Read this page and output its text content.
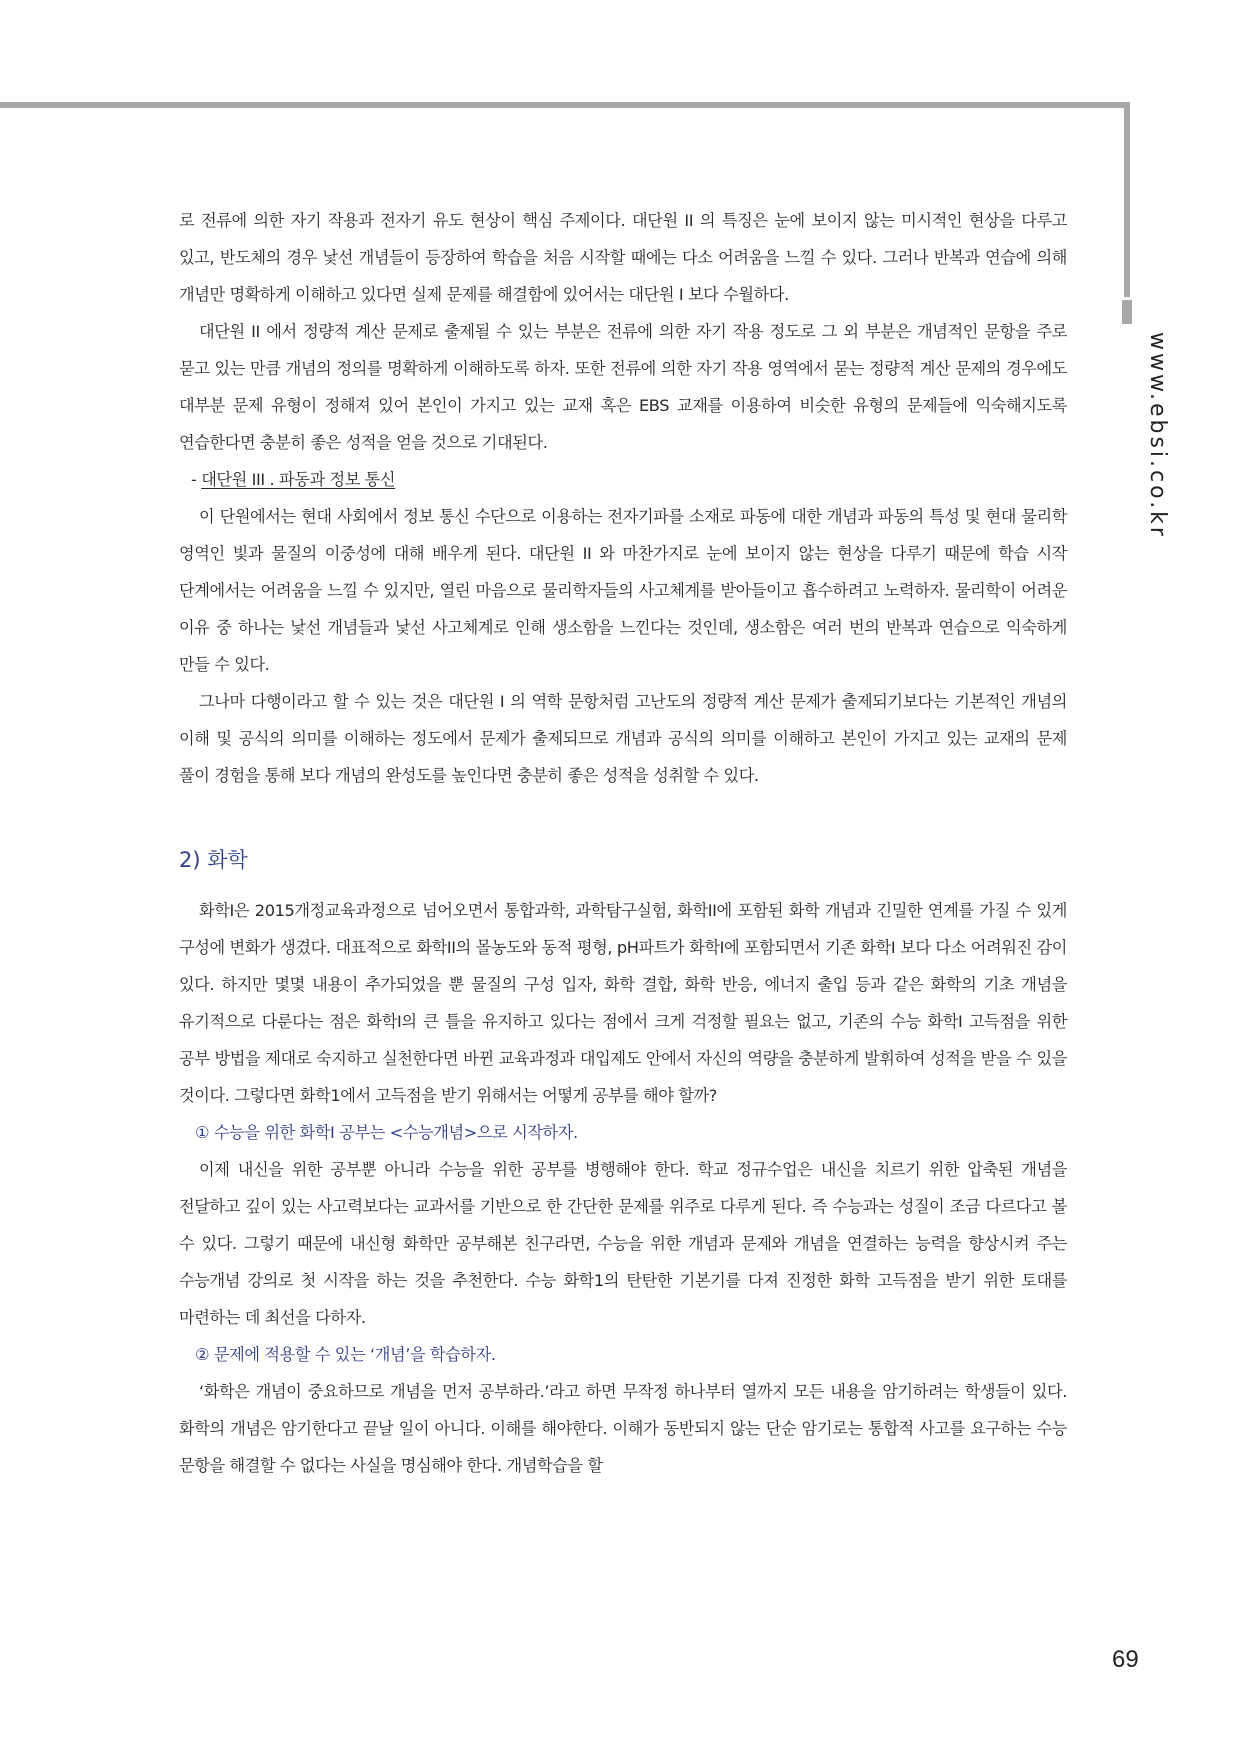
www.ebsi.co.kr

로 전류에 의한 자기 작용과 전자기 유도 현상이 핵심 주제이다. 대단원 II 의 특징은 눈에 보이지 않는 미시적인 현상을 다루고 있고, 반도체의 경우 낯선 개념들이 등장하여 학습을 처음 시작할 때에는 다소 어려움을 느낄 수 있다. 그러나 반복과 연습에 의해 개념만 명확하게 이해하고 있다면 실제 문제를 해결함에 있어서는 대단원 I 보다 수월하다.

대단원 II 에서 정량적 계산 문제로 출제될 수 있는 부분은 전류에 의한 자기 작용 정도로 그 외 부분은 개념적인 문항을 주로 묻고 있는 만큼 개념의 정의를 명확하게 이해하도록 하자. 또한 전류에 의한 자기 작용 영역에서 묻는 정량적 계산 문제의 경우에도 대부분 문제 유형이 정해져 있어 본인이 가지고 있는 교재 혹은 EBS 교재를 이용하여 비슷한 유형의 문제들에 익숙해지도록 연습한다면 충분히 좋은 성적을 얻을 것으로 기대된다.

- 대단원 III . 파동과 정보 통신

이 단원에서는 현대 사회에서 정보 통신 수단으로 이용하는 전자기파를 소재로 파동에 대한 개념과 파동의 특성 및 현대 물리학 영역인 빛과 물질의 이중성에 대해 배우게 된다. 대단원 II 와 마찬가지로 눈에 보이지 않는 현상을 다루기 때문에 학습 시작 단계에서는 어려움을 느낄 수 있지만, 열린 마음으로 물리학자들의 사고체계를 받아들이고 흡수하려고 노력하자. 물리학이 어려운 이유 중 하나는 낯선 개념들과 낯선 사고체계로 인해 생소함을 느낀다는 것인데, 생소함은 여러 번의 반복과 연습으로 익숙하게 만들 수 있다.

그나마 다행이라고 할 수 있는 것은 대단원 I 의 역학 문항처럼 고난도의 정량적 계산 문제가 출제되기보다는 기본적인 개념의 이해 및 공식의 의미를 이해하는 정도에서 문제가 출제되므로 개념과 공식의 의미를 이해하고 본인이 가지고 있는 교재의 문제 풀이 경험을 통해 보다 개념의 완성도를 높인다면 충분히 좋은 성적을 성취할 수 있다.

2) 화학

화학I은 2015개정교육과정으로 넘어오면서 통합과학, 과학탐구실험, 화학II에 포함된 화학 개념과 긴밀한 연계를 가질 수 있게 구성에 변화가 생겼다. 대표적으로 화학II의 몰농도와 동적 평형, pH파트가 화학I에 포함되면서 기존 화학I 보다 다소 어려워진 감이 있다. 하지만 몇몇 내용이 추가되었을 뿐 물질의 구성 입자, 화학 결합, 화학 반응, 에너지 출입 등과 같은 화학의 기초 개념을 유기적으로 다룬다는 점은 화학I의 큰 틀을 유지하고 있다는 점에서 크게 걱정할 필요는 없고, 기존의 수능 화학I 고득점을 위한 공부 방법을 제대로 숙지하고 실천한다면 바뀐 교육과정과 대입제도 안에서 자신의 역량을 충분하게 발휘하여 성적을 받을 수 있을 것이다. 그렇다면 화학1에서 고득점을 받기 위해서는 어떻게 공부를 해야 할까?

① 수능을 위한 화학I 공부는 <수능개념>으로 시작하자.

이제 내신을 위한 공부뿐 아니라 수능을 위한 공부를 병행해야 한다. 학교 정규수업은 내신을 치르기 위한 압축된 개념을 전달하고 깊이 있는 사고력보다는 교과서를 기반으로 한 간단한 문제를 위주로 다루게 된다. 즉 수능과는 성질이 조금 다르다고 볼 수 있다. 그렇기 때문에 내신형 화학만 공부해본 친구라면, 수능을 위한 개념과 문제와 개념을 연결하는 능력을 향상시켜 주는 수능개념 강의로 첫 시작을 하는 것을 추천한다. 수능 화학1의 탄탄한 기본기를 다져 진정한 화학 고득점을 받기 위한 토대를 마련하는 데 최선을 다하자.

② 문제에 적용할 수 있는 ‘개념’을 학습하자.

‘화학은 개념이 중요하므로 개념을 먼저 공부하라.’라고 하면 무작정 하나부터 열까지 모든 내용을 암기하려는 학생들이 있다. 화학의 개념은 암기한다고 끝날 일이 아니다. 이해를 해야한다. 이해가 동반되지 않는 단순 암기로는 통합적 사고를 요구하는 수능 문항을 해결할 수 없다는 사실을 명심해야 한다. 개념학습을 할

69
